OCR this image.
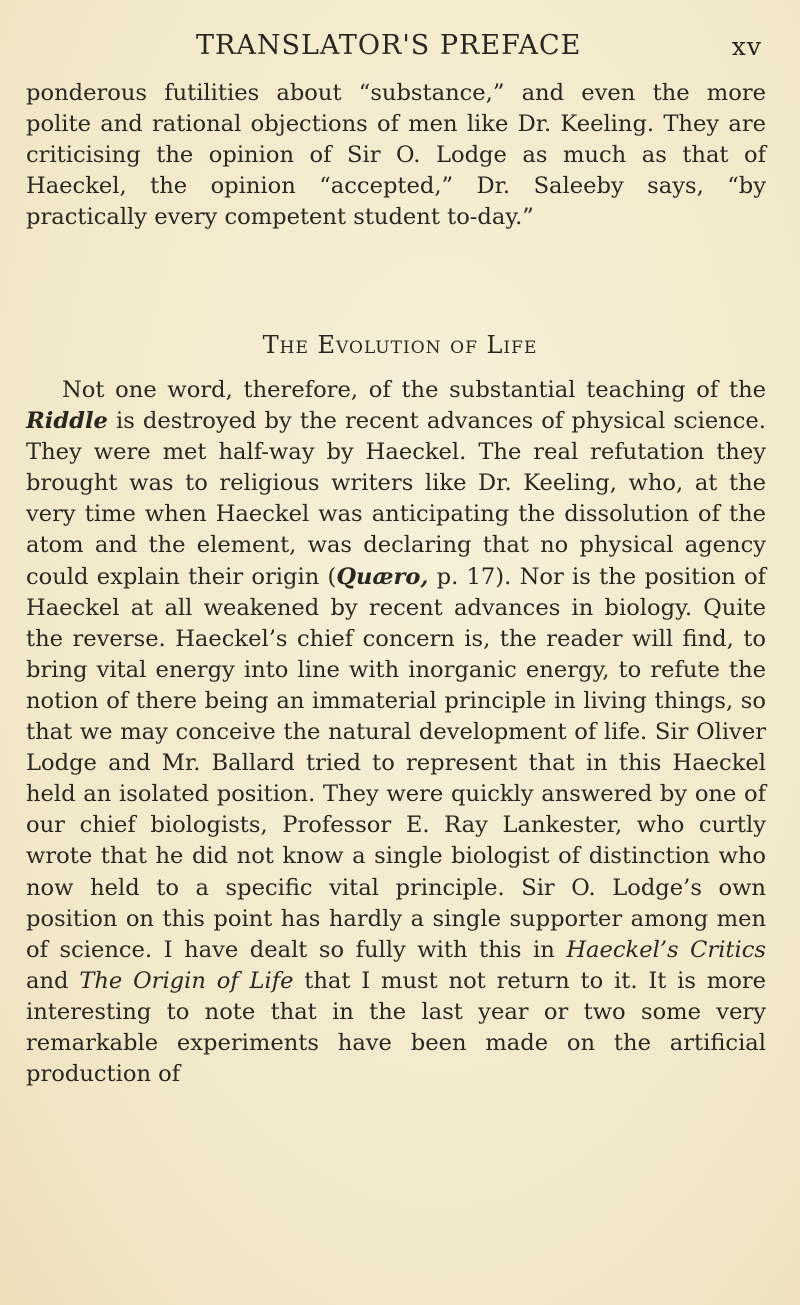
TRANSLATOR'S PREFACE	xv

ponderous futilities about “substance,” and even the more polite and rational objections of men like Dr. Keeling. They are criticising the opinion of Sir O. Lodge as much as that of Haeckel, the opinion “accepted,” Dr. Saleeby says, “by practically every competent student to-day.”

The Evolution of Life

Not one word, therefore, of the substantial teaching of the Riddle is destroyed by the recent advances of physical science. They were met half-way by Haeckel. The real refutation they brought was to religious writers like Dr. Keeling, who, at the very time when Haeckel was anticipating the dissolution of the atom and the element, was declaring that no physical agency could explain their origin (Quæro, p. 17). Nor is the position of Haeckel at all weakened by recent advances in biology. Quite the reverse. Haeckel’s chief concern is, the reader will find, to bring vital energy into line with inorganic energy, to refute the notion of there being an immaterial principle in living things, so that we may conceive the natural development of life. Sir Oliver Lodge and Mr. Ballard tried to represent that in this Haeckel held an isolated position. They were quickly answered by one of our chief biologists, Professor E. Ray Lankester, who curtly wrote that he did not know a single biologist of distinction who now held to a specific vital principle. Sir O. Lodge’s own position on this point has hardly a single supporter among men of science. I have dealt so fully with this in Haeckel’s Critics and The Origin of Life that I must not return to it. It is more interesting to note that in the last year or two some very remarkable experiments have been made on the artificial production of
